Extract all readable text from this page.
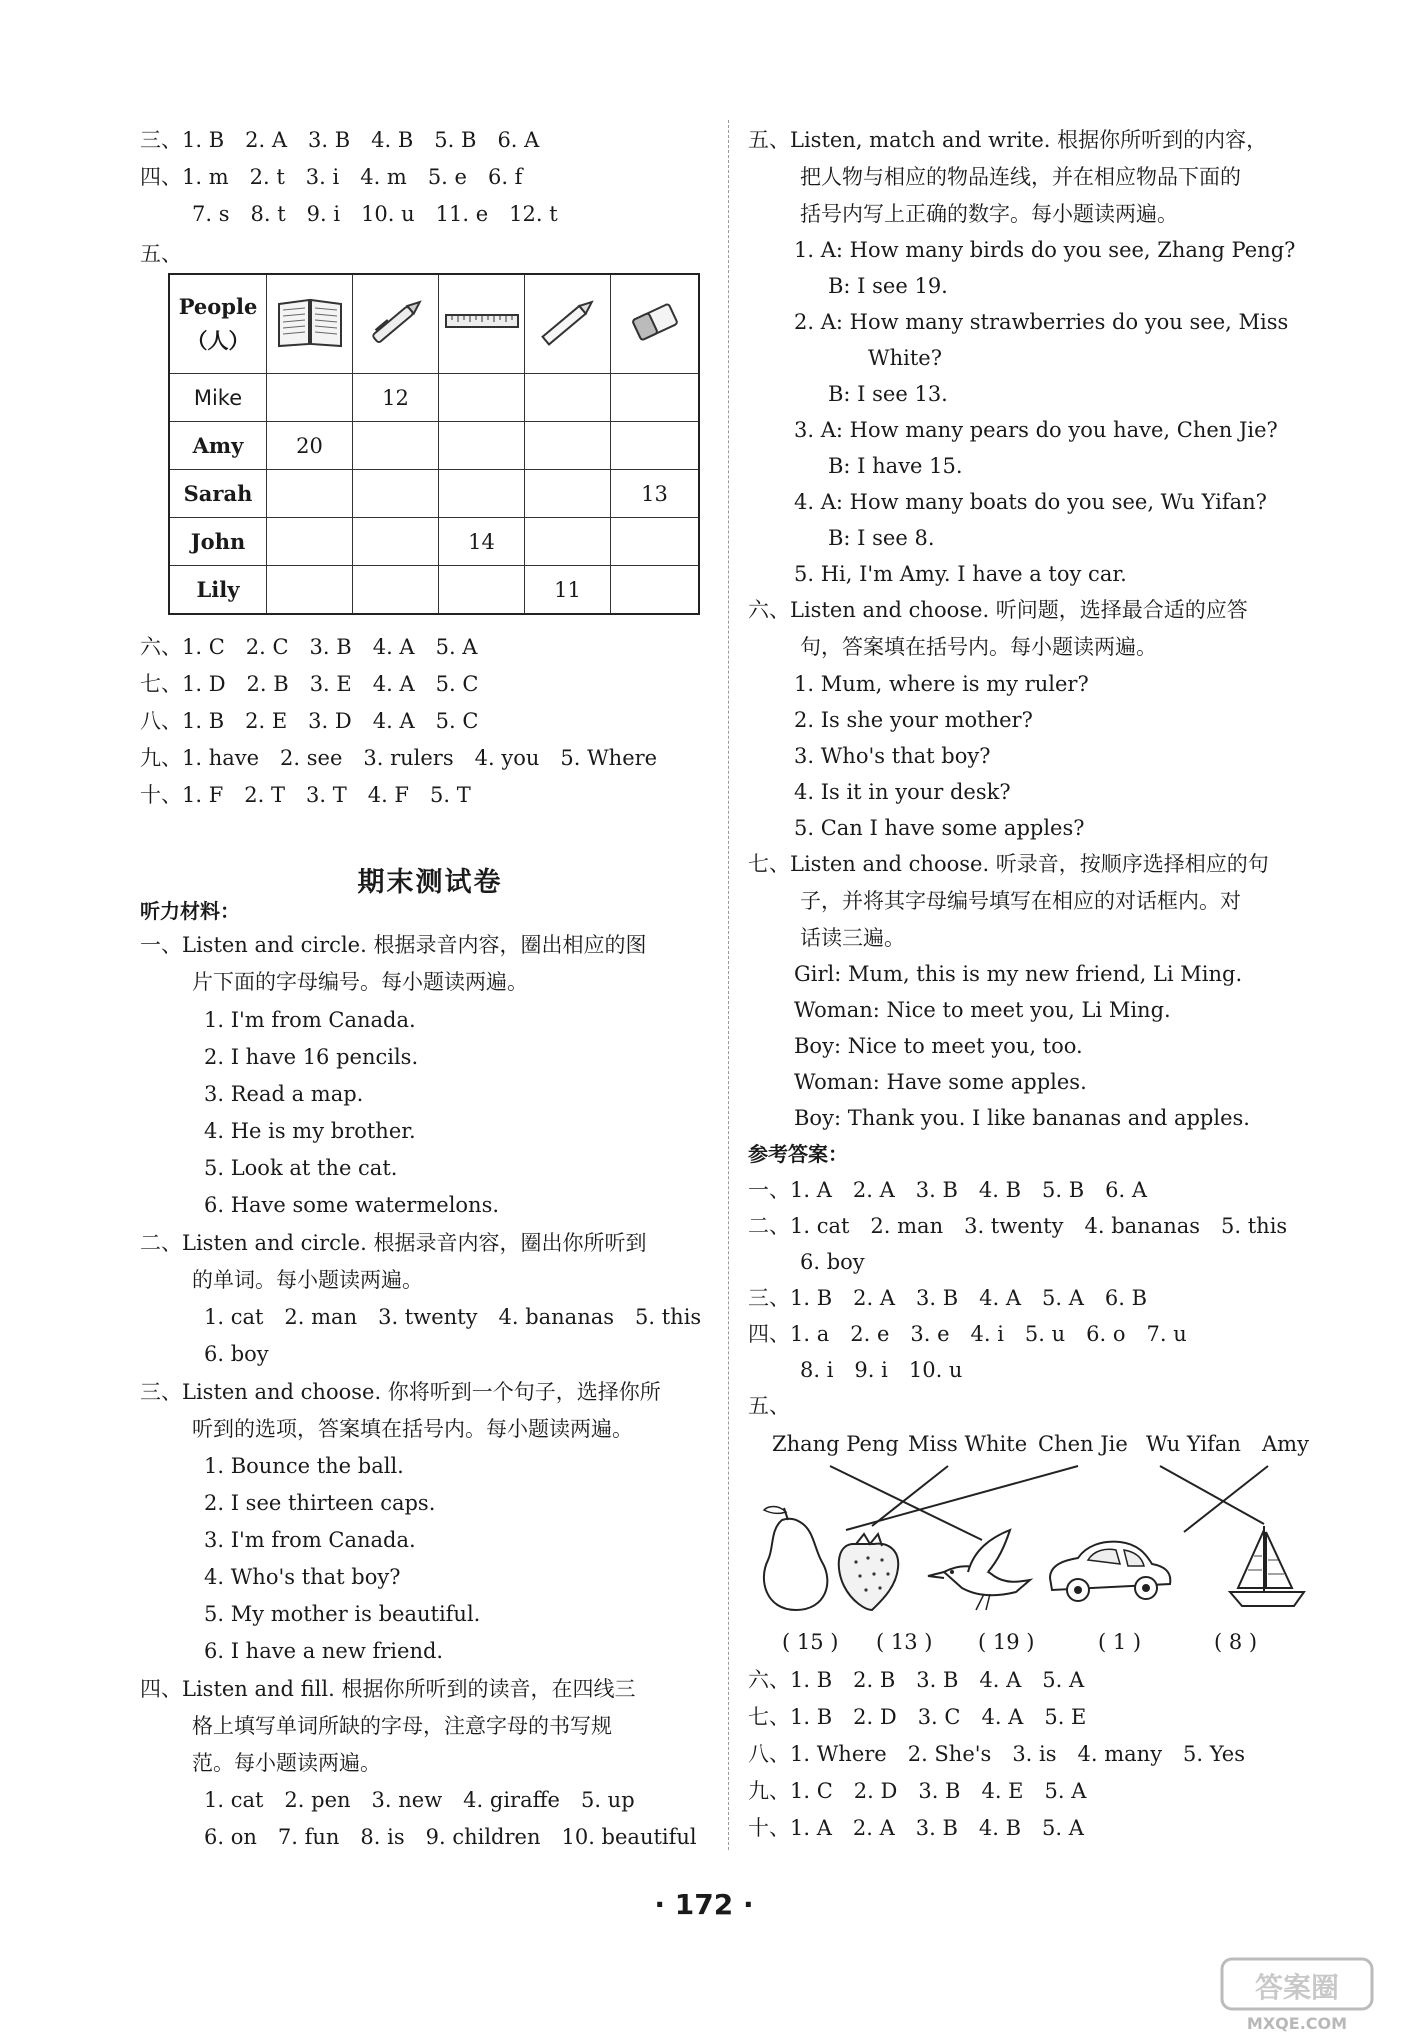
三、1. B　2. A　3. B　4. B　5. B　6. A
四、1. m　2. t　3. i　4. m　5. e　6. f
7. s　8. t　9. i　10. u　11. e　12. t
五、
People
（人）

Mike		12			
Amy	20				
Sarah					13
John			14		
Lily				11	
六、1. C　2. C　3. B　4. A　5. A
七、1. D　2. B　3. E　4. A　5. C
八、1. B　2. E　3. D　4. A　5. C
九、1. have　2. see　3. rulers　4. you　5. Where
十、1. F　2. T　3. T　4. F　5. T
期末测试卷
听力材料：
一、Listen and circle. 根据录音内容，圈出相应的图
片下面的字母编号。每小题读两遍。
1. I'm from Canada.
2. I have 16 pencils.
3. Read a map.
4. He is my brother.
5. Look at the cat.
6. Have some watermelons.
二、Listen and circle. 根据录音内容，圈出你所听到
的单词。每小题读两遍。
1. cat　2. man　3. twenty　4. bananas　5. this
6. boy
三、Listen and choose. 你将听到一个句子，选择你所
听到的选项，答案填在括号内。每小题读两遍。
1. Bounce the ball.
2. I see thirteen caps.
3. I'm from Canada.
4. Who's that boy?
5. My mother is beautiful.
6. I have a new friend.
四、Listen and fill. 根据你所听到的读音，在四线三
格上填写单词所缺的字母，注意字母的书写规
范。每小题读两遍。
1. cat　2. pen　3. new　4. giraffe　5. up
6. on　7. fun　8. is　9. children　10. beautiful
五、Listen, match and write. 根据你所听到的内容，
把人物与相应的物品连线，并在相应物品下面的
括号内写上正确的数字。每小题读两遍。
1. A: How many birds do you see, Zhang Peng?
B: I see 19.
2. A: How many strawberries do you see, Miss
White?
B: I see 13.
3. A: How many pears do you have, Chen Jie?
B: I have 15.
4. A: How many boats do you see, Wu Yifan?
B: I see 8.
5. Hi, I'm Amy. I have a toy car.
六、Listen and choose. 听问题，选择最合适的应答
句，答案填在括号内。每小题读两遍。
1. Mum, where is my ruler?
2. Is she your mother?
3. Who's that boy?
4. Is it in your desk?
5. Can I have some apples?
七、Listen and choose. 听录音，按顺序选择相应的句
子，并将其字母编号填写在相应的对话框内。对
话读三遍。
Girl: Mum, this is my new friend, Li Ming.
Woman: Nice to meet you, Li Ming.
Boy: Nice to meet you, too.
Woman: Have some apples.
Boy: Thank you. I like bananas and apples.
参考答案：
一、1. A　2. A　3. B　4. B　5. B　6. A
二、1. cat　2. man　3. twenty　4. bananas　5. this
6. boy
三、1. B　2. A　3. B　4. A　5. A　6. B
四、1. a　2. e　3. e　4. i　5. u　6. o　7. u
8. i　9. i　10. u
五、
Zhang Peng Miss White Chen Jie Wu Yifan Amy
( 15 ) ( 13 ) ( 19 )	( 1 )	( 8 )
六、1. B　2. B　3. B　4. A　5. A
七、1. B　2. D　3. C　4. A　5. E
八、1. Where　2. She's　3. is　4. many　5. Yes
九、1. C　2. D　3. B　4. E　5. A
十、1. A　2. A　3. B　4. B　5. A
· 172 ·
答案圈
MXQE.COM
